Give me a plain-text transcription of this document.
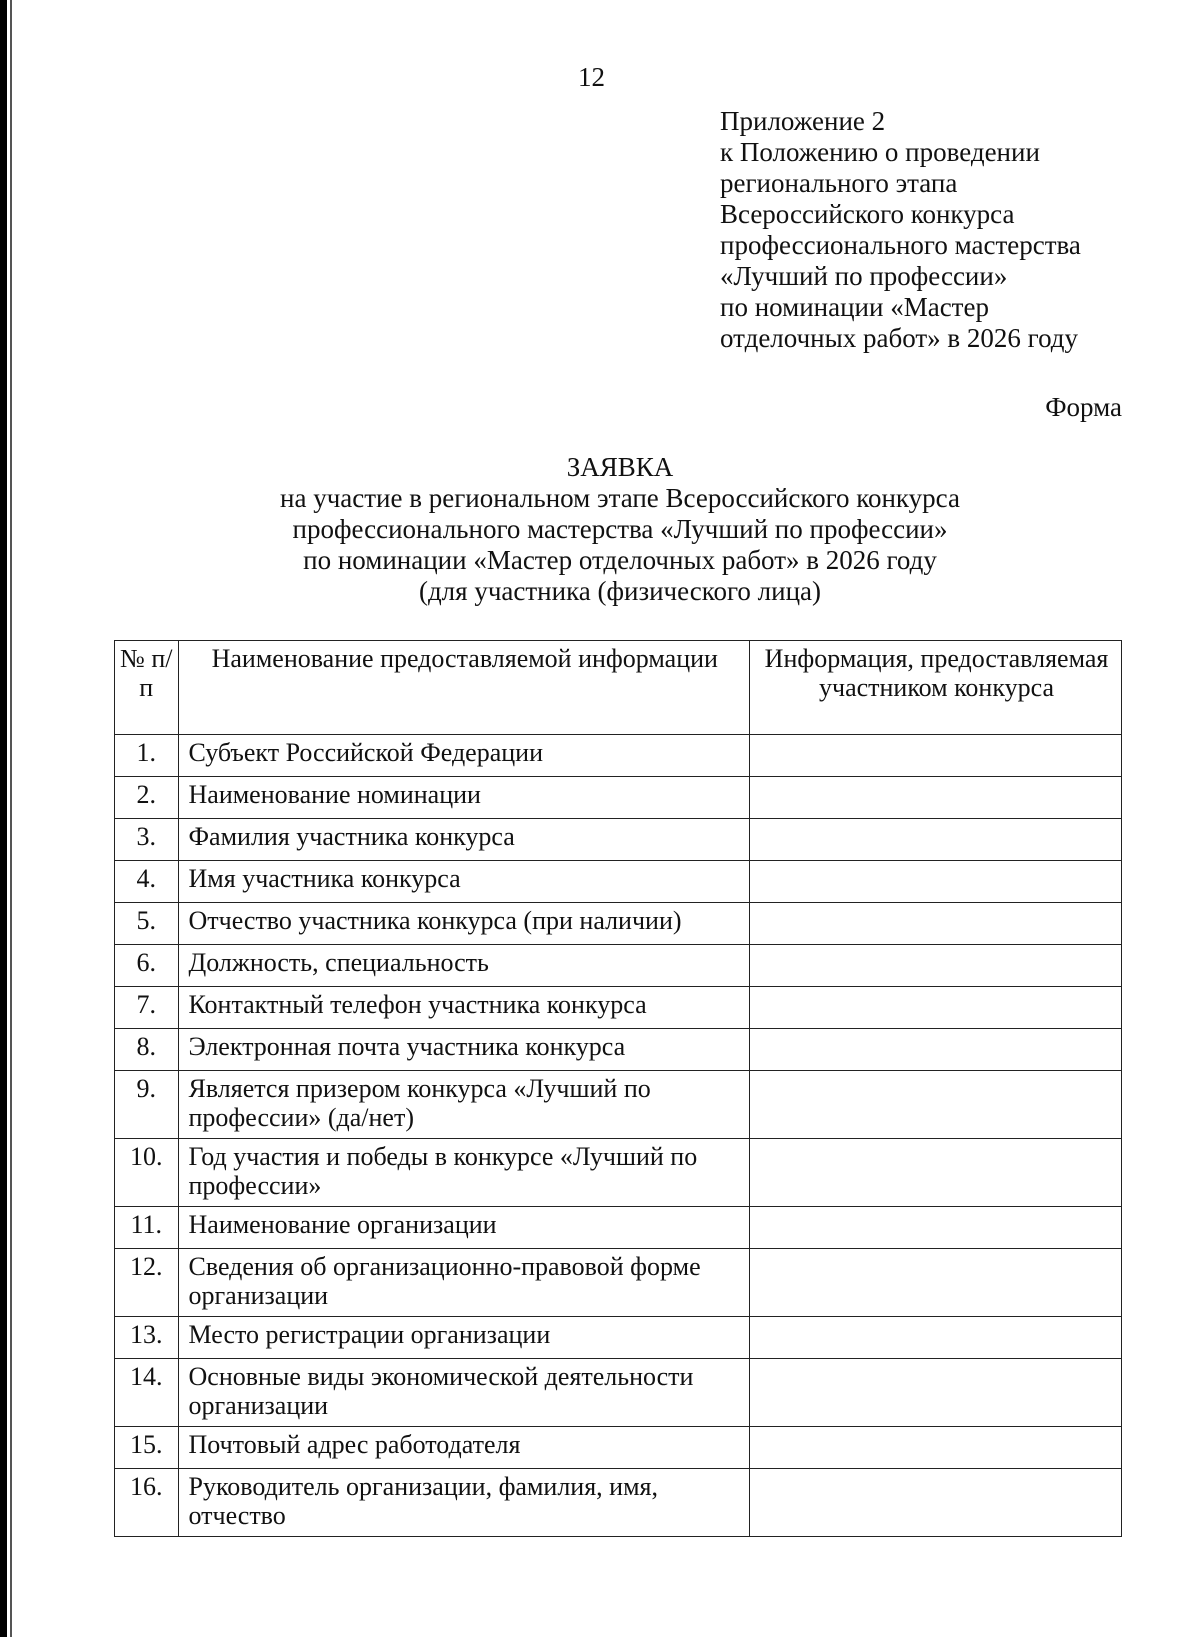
12
Приложение 2
к Положению о проведении
регионального этапа
Всероссийского конкурса
профессионального мастерства
«Лучший по профессии»
по номинации «Мастер
отделочных работ» в 2026 году
Форма
ЗАЯВКА
на участие в региональном этапе Всероссийского конкурса
профессионального мастерства «Лучший по профессии»
по номинации «Мастер отделочных работ» в 2026 году
(для участника (физического лица)
№ п/п	Наименование предоставляемой информации	Информация, предоставляемая участником конкурса
1.	Субъект Российской Федерации	
2.	Наименование номинации	
3.	Фамилия участника конкурса	
4.	Имя участника конкурса	
5.	Отчество участника конкурса (при наличии)	
6.	Должность, специальность	
7.	Контактный телефон участника конкурса	
8.	Электронная почта участника конкурса	
9.	Является призером конкурса «Лучший по профессии» (да/нет)	
10.	Год участия и победы в конкурсе «Лучший по профессии»	
11.	Наименование организации	
12.	Сведения об организационно-правовой форме организации	
13.	Место регистрации организации	
14.	Основные виды экономической деятельности организации	
15.	Почтовый адрес работодателя	
16.	Руководитель организации, фамилия, имя, отчество	
